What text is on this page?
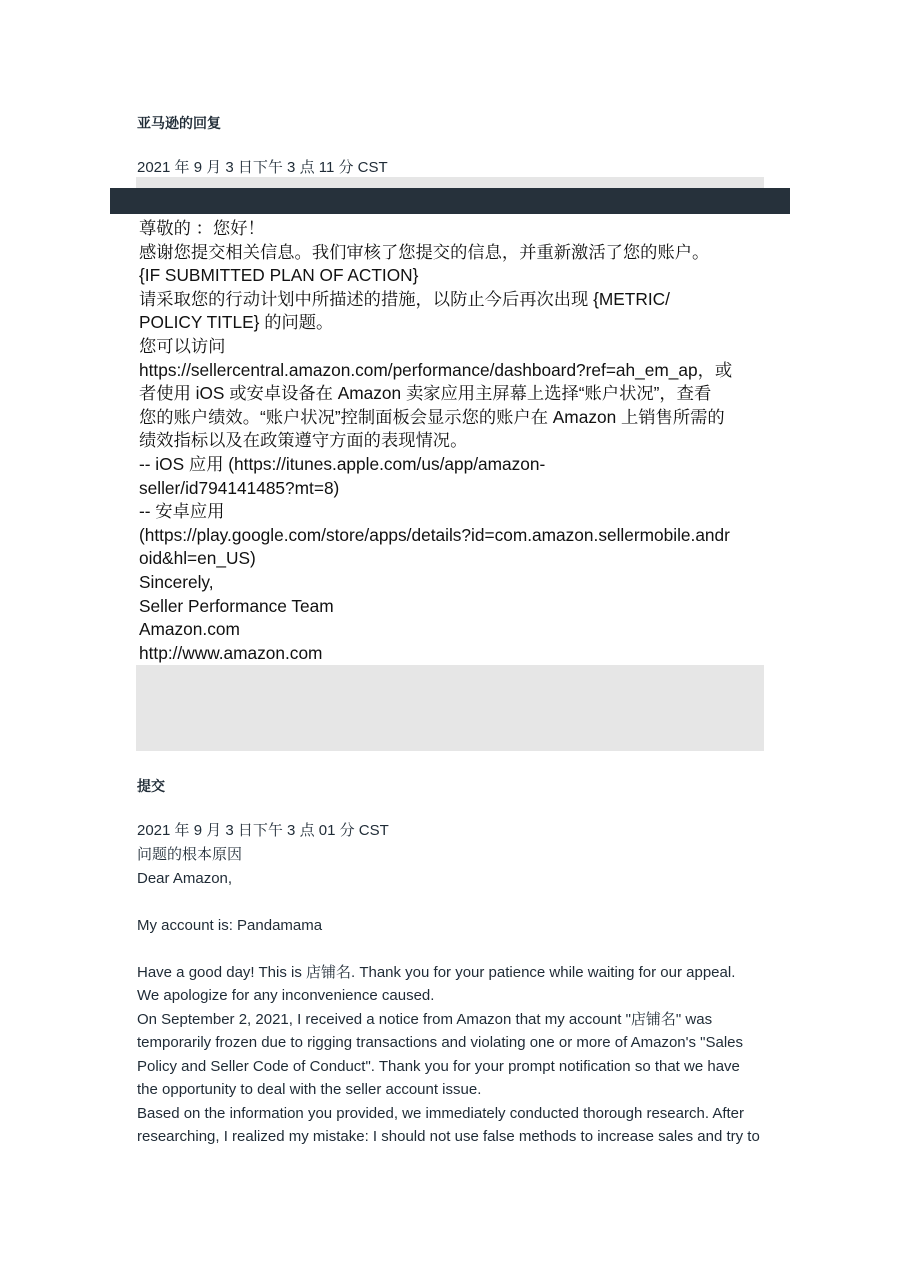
亚马逊的回复
2021 年 9 月 3 日下午 3 点 11 分 CST
尊敬的 ：您好！
感谢您提交相关信息。我们审核了您提交的信息，并重新激活了您的账户。
{IF SUBMITTED PLAN OF ACTION}
请采取您的行动计划中所描述的措施，以防止今后再次出现 {METRIC/
POLICY TITLE} 的问题。
您可以访问
https://sellercentral.amazon.com/performance/dashboard?ref=ah_em_ap，或
者使用 iOS 或安卓设备在 Amazon 卖家应用主屏幕上选择“账户状况”，查看
您的账户绩效。“账户状况”控制面板会显示您的账户在 Amazon 上销售所需的
绩效指标以及在政策遵守方面的表现情况。
-- iOS 应用 (https://itunes.apple.com/us/app/amazon-
seller/id794141485?mt=8)
-- 安卓应用
(https://play.google.com/store/apps/details?id=com.amazon.sellermobile.andr
oid&hl=en_US)
Sincerely,
Seller Performance Team
Amazon.com
http://www.amazon.com
提交
2021 年 9 月 3 日下午 3 点 01 分 CST
问题的根本原因
Dear Amazon,
My account is: Pandamama
Have a good day! This is 店铺名. Thank you for your patience while waiting for our appeal.
We apologize for any inconvenience caused.
On September 2, 2021, I received a notice from Amazon that my account "店铺名" was
temporarily frozen due to rigging transactions and violating one or more of Amazon's "Sales
Policy and Seller Code of Conduct". Thank you for your prompt notification so that we have
the opportunity to deal with the seller account issue.
Based on the information you provided, we immediately conducted thorough research. After
researching, I realized my mistake: I should not use false methods to increase sales and try to
